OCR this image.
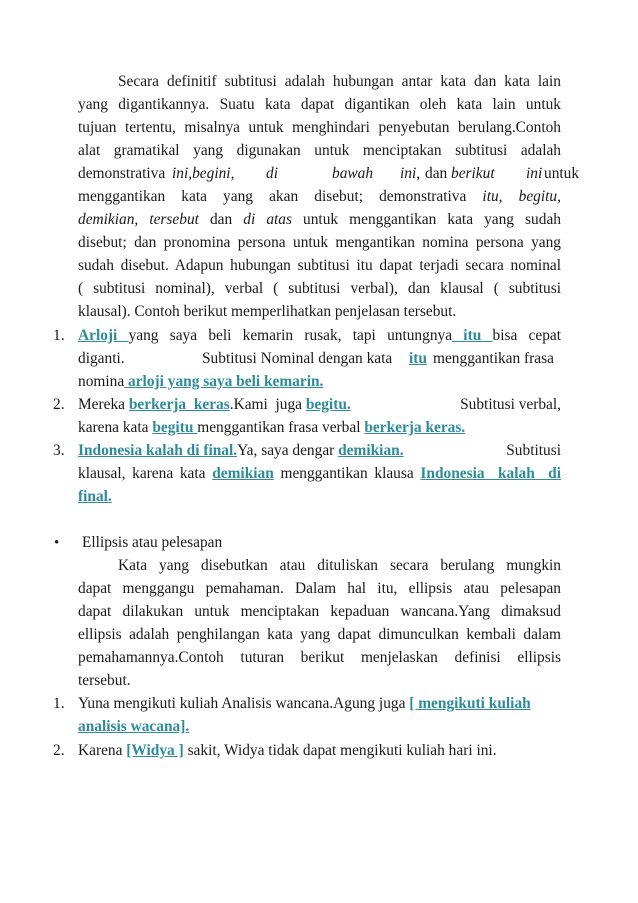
Secara definitif subtitusi adalah hubungan antar kata dan kata lain
yang digantikannya. Suatu kata dapat digantikan oleh kata lain untuk
tujuan tertentu, misalnya untuk menghindari penyebutan berulang.Contoh
alat gramatikal yang digunakan untuk menciptakan subtitusi adalah
demonstrativa ini,begini, di	bawah ini, dan berikut ini untuk
menggantikan kata yang akan disebut; demonstrativa itu, begitu,
demikian, tersebut dan di atas untuk menggantikan kata yang sudah
disebut; dan pronomina persona untuk mengantikan nomina persona yang
sudah disebut. Adapun hubungan subtitusi itu dapat terjadi secara nominal
( subtitusi nominal), verbal ( subtitusi verbal), dan klausal ( subtitusi
klausal). Contoh berikut memperlihatkan penjelasan tersebut.
1. Arloji yang saya beli kemarin rusak, tapi untungnya itu bisa cepat
diganti.	Subtitusi Nominal dengan kata itu menggantikan frasa
nomina arloji yang saya beli kemarin.
2. Mereka berkerja  keras.Kami  juga begitu.	Subtitusi verbal,
karena kata begitu menggantikan frasa verbal berkerja keras.
3. Indonesia kalah di final.Ya, saya dengar demikian.	Subtitusi
klausal, karena kata demikian menggantikan klausa Indonesia  kalah  di
final.
•	Ellipsis atau pelesapan
Kata yang disebutkan atau dituliskan secara berulang mungkin
dapat menggangu pemahaman. Dalam hal itu, ellipsis atau pelesapan
dapat dilakukan untuk menciptakan kepaduan wancana.Yang dimaksud
ellipsis adalah penghilangan kata yang dapat dimunculkan kembali dalam
pemahamannya.Contoh tuturan berikut menjelaskan definisi ellipsis
tersebut.
1. Yuna mengikuti kuliah Analisis wancana.Agung juga [ mengikuti kuliah
analisis wacana].
2. Karena [Widya ] sakit, Widya tidak dapat mengikuti kuliah hari ini.
